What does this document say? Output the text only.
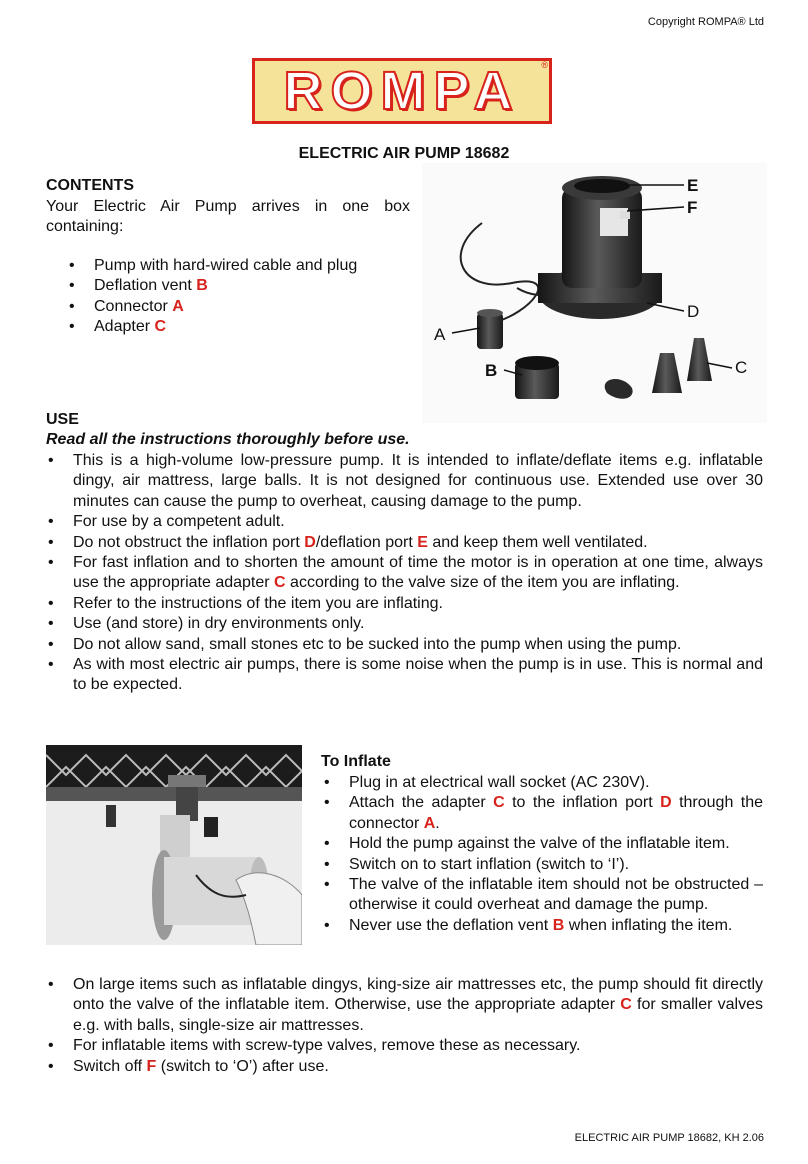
Copyright ROMPA® Ltd
ROMPA ®
ELECTRIC AIR PUMP 18682
CONTENTS
Your Electric Air Pump arrives in one box containing:
• Pump with hard-wired cable and plug
• Deflation vent B
• Connector A
• Adapter C
E
F
D
A
B	C
USE
Read all the instructions thoroughly before use.
• This is a high-volume low-pressure pump. It is intended to inflate/deflate items e.g. inflatable dingy, air mattress, large balls. It is not designed for continuous use. Extended use over 30 minutes can cause the pump to overheat, causing damage to the pump.
• For use by a competent adult.
• Do not obstruct the inflation port D/deflation port E and keep them well ventilated.
• For fast inflation and to shorten the amount of time the motor is in operation at one time, always use the appropriate adapter C according to the valve size of the item you are inflating.
• Refer to the instructions of the item you are inflating.
• Use (and store) in dry environments only.
• Do not allow sand, small stones etc to be sucked into the pump when using the pump.
• As with most electric air pumps, there is some noise when the pump is in use. This is normal and to be expected.
To Inflate
• Plug in at electrical wall socket (AC 230V).
• Attach the adapter C to the inflation port D through the connector A.
• Hold the pump against the valve of the inflatable item.
• Switch on to start inflation (switch to ‘I’).
• The valve of the inflatable item should not be obstructed – otherwise it could overheat and damage the pump.
• Never use the deflation vent B when inflating the item.
• On large items such as inflatable dingys, king-size air mattresses etc, the pump should fit directly onto the valve of the inflatable item. Otherwise, use the appropriate adapter C for smaller valves e.g. with balls, single-size air mattresses.
• For inflatable items with screw-type valves, remove these as necessary.
• Switch off F (switch to ‘O’) after use.
ELECTRIC AIR PUMP 18682, KH 2.06
